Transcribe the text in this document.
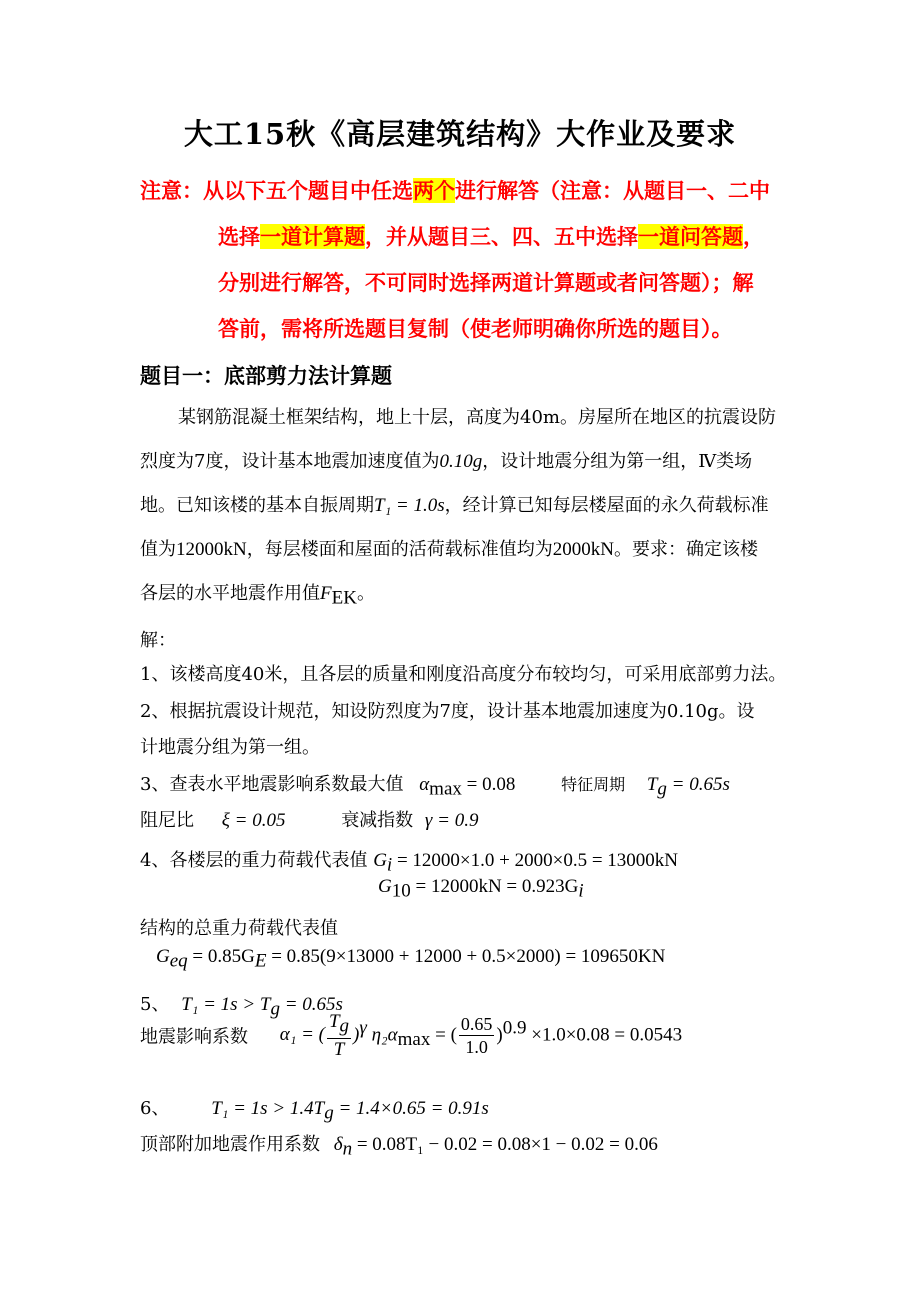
大工15秋《高层建筑结构》大作业及要求
注意：从以下五个题目中任选两个进行解答（注意：从题目一、二中
选择一道计算题，并从题目三、四、五中选择一道问答题，
分别进行解答，不可同时选择两道计算题或者问答题）；解
答前，需将所选题目复制（使老师明确你所选的题目）。
题目一：底部剪力法计算题
某钢筋混凝土框架结构，地上十层，高度为40m。房屋所在地区的抗震设防
烈度为7度，设计基本地震加速度值为0.10g，设计地震分组为第一组，Ⅳ类场
地。已知该楼的基本自振周期T₁ = 1.0s，经计算已知每层楼屋面的永久荷载标准
值为12000kN，每层楼面和屋面的活荷载标准值均为2000kN。要求：确定该楼
各层的水平地震作用值$F_{EK}$。
解：
1、该楼高度40米，且各层的质量和刚度沿高度分布较均匀，可采用底部剪力法。
2、根据抗震设计规范，知设防烈度为7度，设计基本地震加速度为0.10g。设
计地震分组为第一组。
3、查表水平地震影响系数最大值 $\alpha_{max} = 0.08$	特征周期 $T_g = 0.65s$
阻尼比 ξ = 0.05	衰减指数 γ = 0.9
4、各楼层的重力荷载代表值 $G_i = 12000\times 1.0 + 2000\times 0.5 = 13000kN$
$G_{10} = 12000kN = 0.923G_i$
结构的总重力荷载代表值
$G_{eq} = 0.85G_E = 0.85(9\times 13000 + 12000 + 0.5\times 2000) = 109650KN$
5、 $T_1 = 1s > T_g = 0.65s$
地震影响系数 α₁ = ( $\frac{T_g}{T} )^\gamma$ $\eta_2\alpha_{max}$ = ( $\frac{0.65}{1.0} )^{0.9} \times 1.0\times 0.08 = 0.0543$
6、 $T_1 = 1s > 1.4T_g = 1.4\times 0.65 = 0.91s$
顶部附加地震作用系数 $\delta_n = 0.08T_1 - 0.02 = 0.08\times 1 - 0.02 = 0.06$
